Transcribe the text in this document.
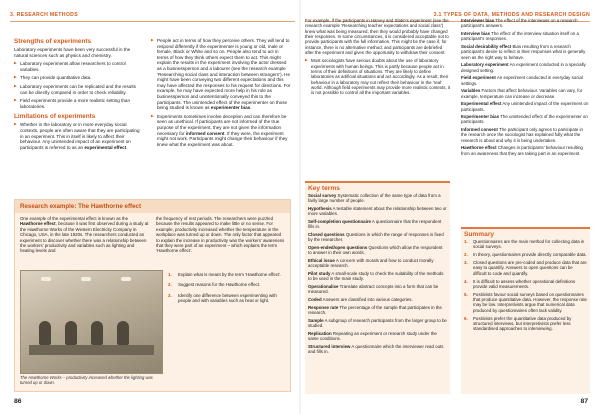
3. RESEARCH METHODS	3.1 TYPES OF DATA, METHODS AND RESEARCH DESIGN
Strengths of experiments

Laboratory experiments have been very successful in the natural sciences such as physics and chemistry.

▶ Laboratory experiments allow researchers to control variables.
▶ They can provide quantitative data.
▶ Laboratory experiments can be replicated and the results can be directly compared in order to check reliability.
▶ Field experiments provide a more realistic setting than laboratories.
Limitations of experiments
▶ Whether in the laboratory or in more everyday social contexts, people are often aware that they are participating in an experiment. This in itself is likely to affect their behaviour. Any unintended impact of an experiment on participants is referred to as an experimental effect.
▶ People act in terms of how they perceive others. They will tend to respond differently if the experimenter is young or old, male or female, Black or White and so on. People also tend to act in terms of how they think others expect them to act. This might explain the results in the experiment involving the actor dressed as a businessperson and a labourer (see the research example ‘Researching social class and interaction between strangers’). He might have been conveying two different expectations and this may have affected the responses to his request for directions. For example, he may have expected more help in his role as businessperson and unintentionally conveyed this to the participants. The unintended effect of the experimenter on those being studied is known as experimenter bias.
▶ Experiments sometimes involve deception and can therefore be seen as unethical. If participants are not informed of the true purpose of the experiment, they are not given the information necessary for informed consent. If they were, the experiment might not work. Participants might change their behaviour if they knew what the experiment was about.
Research example: The Hawthorne effect
One example of the experimental effect is known as the Hawthorne effect, because it was first observed during a study at the Hawthorne Works of the Western Electricity Company in Chicago, USA, in the late 1920s. The researchers conducted an experiment to discover whether there was a relationship between the workers’ productivity and variables such as lighting and heating levels and
the frequency of rest periods. The researchers were puzzled because the results appeared to make little or no sense. For example, productivity increased whether the temperature in the workplace was turned up or down. The only factor that appeared to explain the increase in productivity was the workers’ awareness that they were part of an experiment – which explains the term ‘Hawthorne effect’.
The Hawthorne Works – productivity increased whether the lighting was turned up or down.
1. Explain what is meant by the term ‘Hawthorne effect’.
2. Suggest reasons for the Hawthorne effect.
3. Identify one difference between experimenting with people and with variables such as heat or light.

For example, if the participants in Harvey and Slatin’s experiment (see the research example ‘Researching teacher expectations and social class’) knew what was being measured, then they would probably have changed their responses. In some circumstances, it is considered acceptable not to provide participants with the full information. This might be the case if, for instance, there is no alternative method, and participants are debriefed after the experiment and given the opportunity to withdraw their consent.

▶ Most sociologists have serious doubts about the use of laboratory experiments with human beings. This is partly because people act in terms of their definitions of situations. They are likely to define laboratories as artificial situations and act accordingly. As a result, their behaviour in a laboratory may not reflect their behaviour in the ‘real’ world. Although field experiments may provide more realistic contexts, it is not possible to control all the important variables.
Key terms

Social survey Systematic collection of the same type of data from a fairly large number of people.

Hypothesis A testable statement about the relationship between two or more variables.

Self-completion questionnaire A questionnaire that the respondent fills in.

Closed questions Questions in which the range of responses is fixed by the researcher.

Open-ended/open questions Questions which allow the respondent to answer in their own words.

Ethical issue A concern with morals and how to conduct morally acceptable research.

Pilot study A small-scale study to check the suitability of the methods to be used in the main study.

Operationalise Translate abstract concepts into a form that can be measured.

Coded Answers are classified into various categories.

Response rate The percentage of the sample that participates in the research.

Sample A subgroup of research participants from the larger group to be studied.

Replication Repeating an experiment or research study under the same conditions.

Structured interview A questionnaire which the interviewer read outs and fills in.

Interviewer bias The effect of the interviewer on a research participant’s answers.

Interview bias The effect of the interview situation itself on a participant’s responses.

Social desirability effect Bias resulting from a research participant’s desire to reflect in their responses what is generally seen as the right way to behave.

Laboratory experiment An experiment conducted in a specially designed setting.

Field experiment An experiment conducted in everyday social settings.

Variables Factors that affect behaviour. Variables can vary, for example, temperature can increase or decrease.

Experimental effect Any unintended impact of the experiment on participants.

Experimenter bias The unintended effect of the experimenter on participants.

Informed consent The participant only agrees to participate in the research once the sociologist has explained fully what the research is about and why it is being undertaken.

Hawthorne effect Changes in participants’ behaviour resulting from an awareness that they are taking part in an experiment.

Summary
1. Questionnaires are the main method for collecting data in social surveys.
2. In theory, questionnaires provide directly comparable data.
3. Closed questions are pre-coded and produce data that are easy to quantify. Answers to open questions can be difficult to code and quantify.
4. It is difficult to assess whether operational definitions provide valid measurements.
5. Positivists favour social surveys based on questionnaires that produce quantitative data. However, the response rate may be low. Interpretivists argue that numerical data produced by questionnaires often lack validity.
6. Positivists prefer the quantitative data produced by structured interviews, but interpretivists prefer less standardised approaches to interviewing.
86	87
